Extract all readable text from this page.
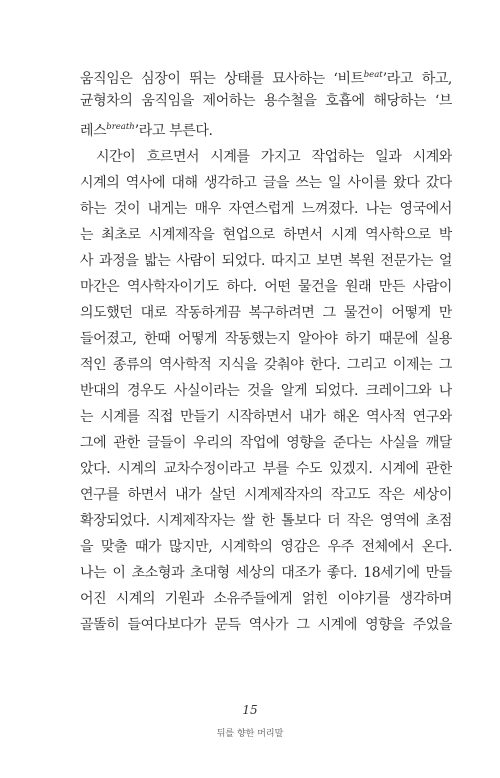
움직임은 심장이 뛰는 상태를 묘사하는 ‘비트$^{beat}$’라고 하고,
균형차의 움직임을 제어하는 용수철을 호흡에 해당하는 ‘브
레스$^{breath}$’라고 부른다.
시간이 흐르면서 시계를 가지고 작업하는 일과 시계와
시계의 역사에 대해 생각하고 글을 쓰는 일 사이를 왔다 갔다
하는 것이 내게는 매우 자연스럽게 느껴졌다. 나는 영국에서
는 최초로 시계제작을 현업으로 하면서 시계 역사학으로 박
사 과정을 밟는 사람이 되었다. 따지고 보면 복원 전문가는 얼
마간은 역사학자이기도 하다. 어떤 물건을 원래 만든 사람이
의도했던 대로 작동하게끔 복구하려면 그 물건이 어떻게 만
들어졌고, 한때 어떻게 작동했는지 알아야 하기 때문에 실용
적인 종류의 역사학적 지식을 갖춰야 한다. 그리고 이제는 그
반대의 경우도 사실이라는 것을 알게 되었다. 크레이그와 나
는 시계를 직접 만들기 시작하면서 내가 해온 역사적 연구와
그에 관한 글들이 우리의 작업에 영향을 준다는 사실을 깨달
았다. 시계의 교차수정이라고 부를 수도 있겠지. 시계에 관한
연구를 하면서 내가 살던 시계제작자의 작고도 작은 세상이
확장되었다. 시계제작자는 쌀 한 톨보다 더 작은 영역에 초점
을 맞출 때가 많지만, 시계학의 영감은 우주 전체에서 온다.
나는 이 초소형과 초대형 세상의 대조가 좋다. 18세기에 만들
어진 시계의 기원과 소유주들에게 얽힌 이야기를 생각하며
골똘히 들여다보다가 문득 역사가 그 시계에 영향을 주었을
15
뒤를 향한 머리말
